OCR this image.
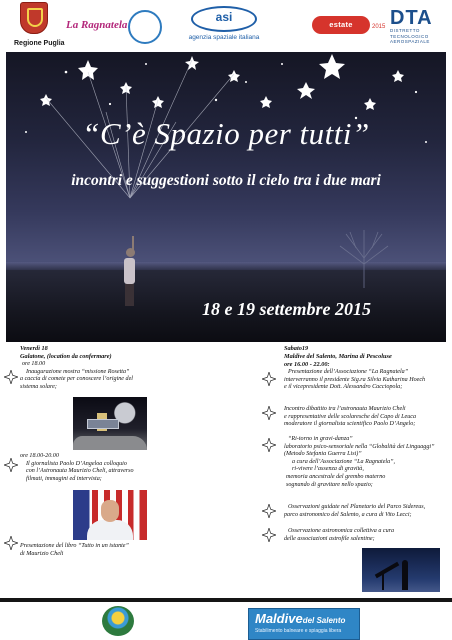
Regione Puglia
La Ragnatela
asi
agenzia spaziale italiana
estate salentina
2015 DTA
DISTRETTO TECNOLOGICO AEROSPAZIALE
“C’è Spazio per tutti”
incontri e suggestioni sotto il cielo tra i due mari
18 e 19 settembre 2015
Venerdì 18
Galatone, (location da confermare)
ore 18.00
Inaugurazione mostra “missione Rosetta”
a caccia di comete per conoscere l’origine del
sistema solare;
ore 18.00-20.00
Il giornalista Paolo D’Angeloa colloquio
con l’Astronauta Maurizio Cheli, attraverso
filmati, immagini ed intervista;
Presentazione del libro “Tutto in un istante”
di Maurizio Cheli
Sabato19
Maldive del Salento, Marina di Pescoluse
ore 16.00 - 22.00:
Presentazione dell’Associazione “La Ragnatela”
interverranno il presidente Sig.ra Silvia Katharina Hoech
e il vicepresidente Dott. Alessandro Cacciopola;
Incontro dibattito tra l’astronauta Maurizio Cheli
e rappresentative delle scolaresche del Capo di Leuca
moderatore il giornalista scientifico Paolo D’Angelo;
“Ri-torno in gravi-danza”
laboratorio psico-sensoriale nella “Globalità dei Linguaggi”
(Metodo Stefania Guerra Lisi)”
a cura dell’Associazione “La Ragnatela”,
ri-vivere l’assenza di gravità,
memoria ancestrale del grembo materno
sognando di gravitare nello spazio;
Osservazioni guidate nel Planetario del Parco Sidereus,
parco astronomico del Salento, a cura di Vito Lecci;
Osservazione astronomica collettiva a cura
delle associazioni astrofile salentine;
Maldivedel Salento
Stabilimento balneare e spiaggia libera
